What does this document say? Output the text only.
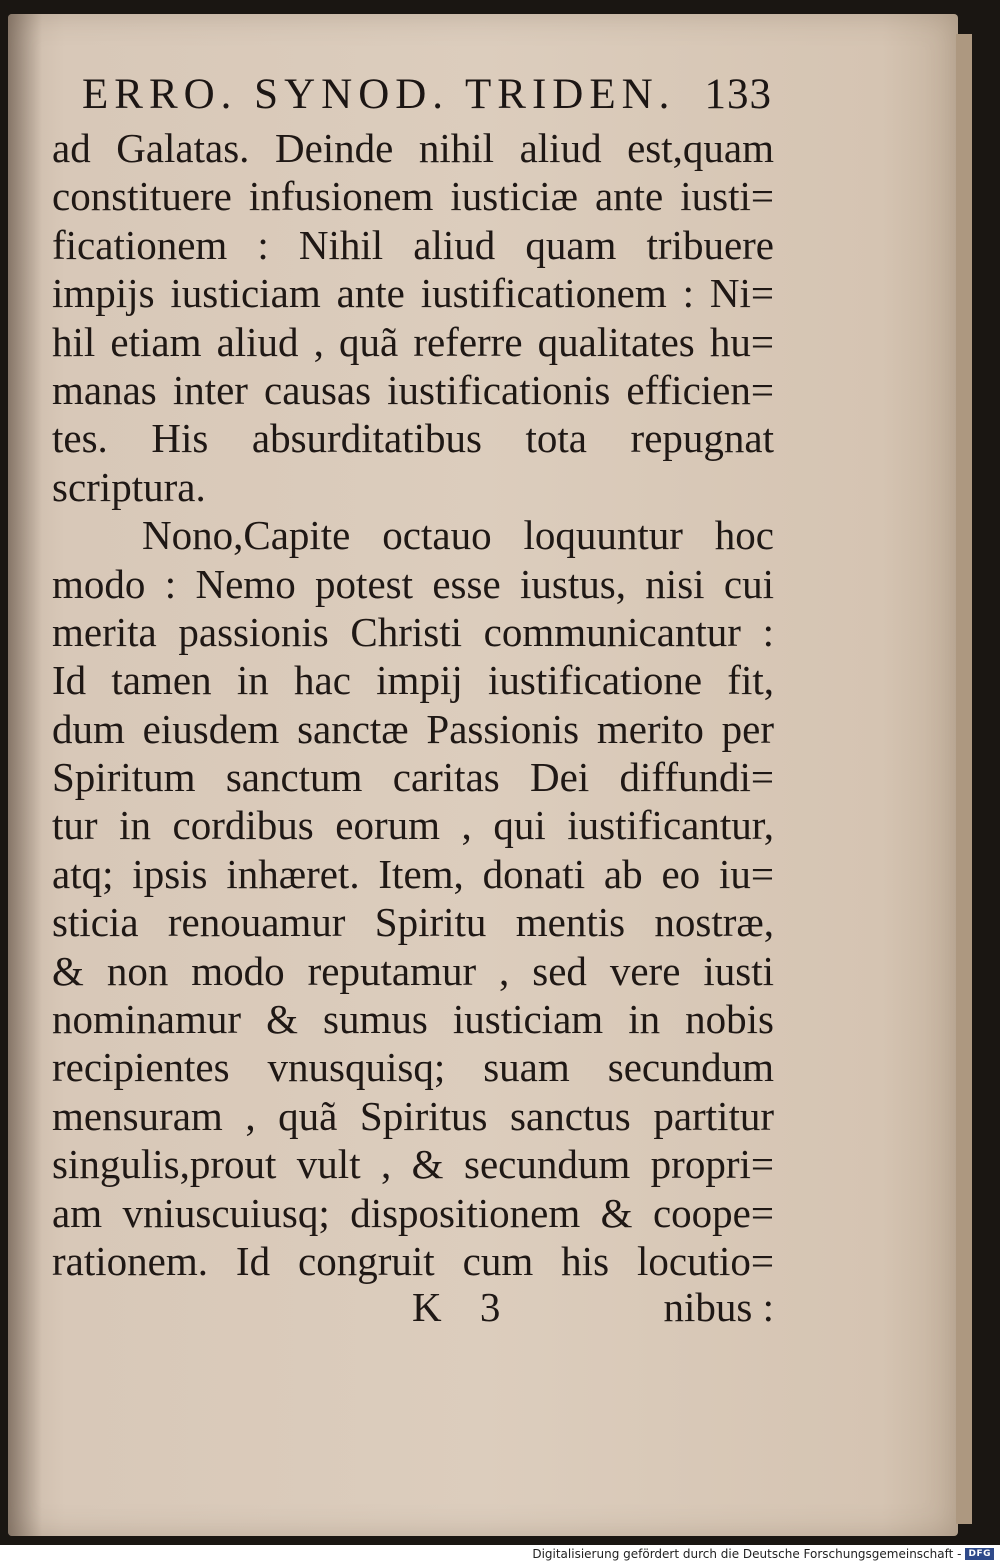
ERRO. SYNOD. TRIDEN. 133
ad Galatas. Deinde nihil aliud est,quam
constituere infusionem iusticiæ ante iusti=
ficationem : Nihil aliud quam tribuere
impijs iusticiam ante iustificationem : Ni=
hil etiam aliud , quã referre qualitates hu=
manas inter causas iustificationis efficien=
tes. His absurditatibus tota repugnat
scriptura.
Nono,Capite octauo loquuntur hoc
modo : Nemo potest esse iustus, nisi cui
merita passionis Christi communicantur :
Id tamen in hac impij iustificatione fit,
dum eiusdem sanctæ Passionis merito per
Spiritum sanctum caritas Dei diffundi=
tur in cordibus eorum , qui iustificantur,
atq; ipsis inhæret. Item, donati ab eo iu=
sticia renouamur Spiritu mentis nostræ,
& non modo reputamur , sed vere iusti
nominamur & sumus iusticiam in nobis
recipientes vnusquisq; suam secundum
mensuram , quã Spiritus sanctus partitur
singulis,prout vult , & secundum propri=
am vniuscuiusq; dispositionem & coope=
rationem. Id congruit cum his locutio=
K 3	nibus :
Digitalisierung gefördert durch die Deutsche Forschungsgemeinschaft - DFG
